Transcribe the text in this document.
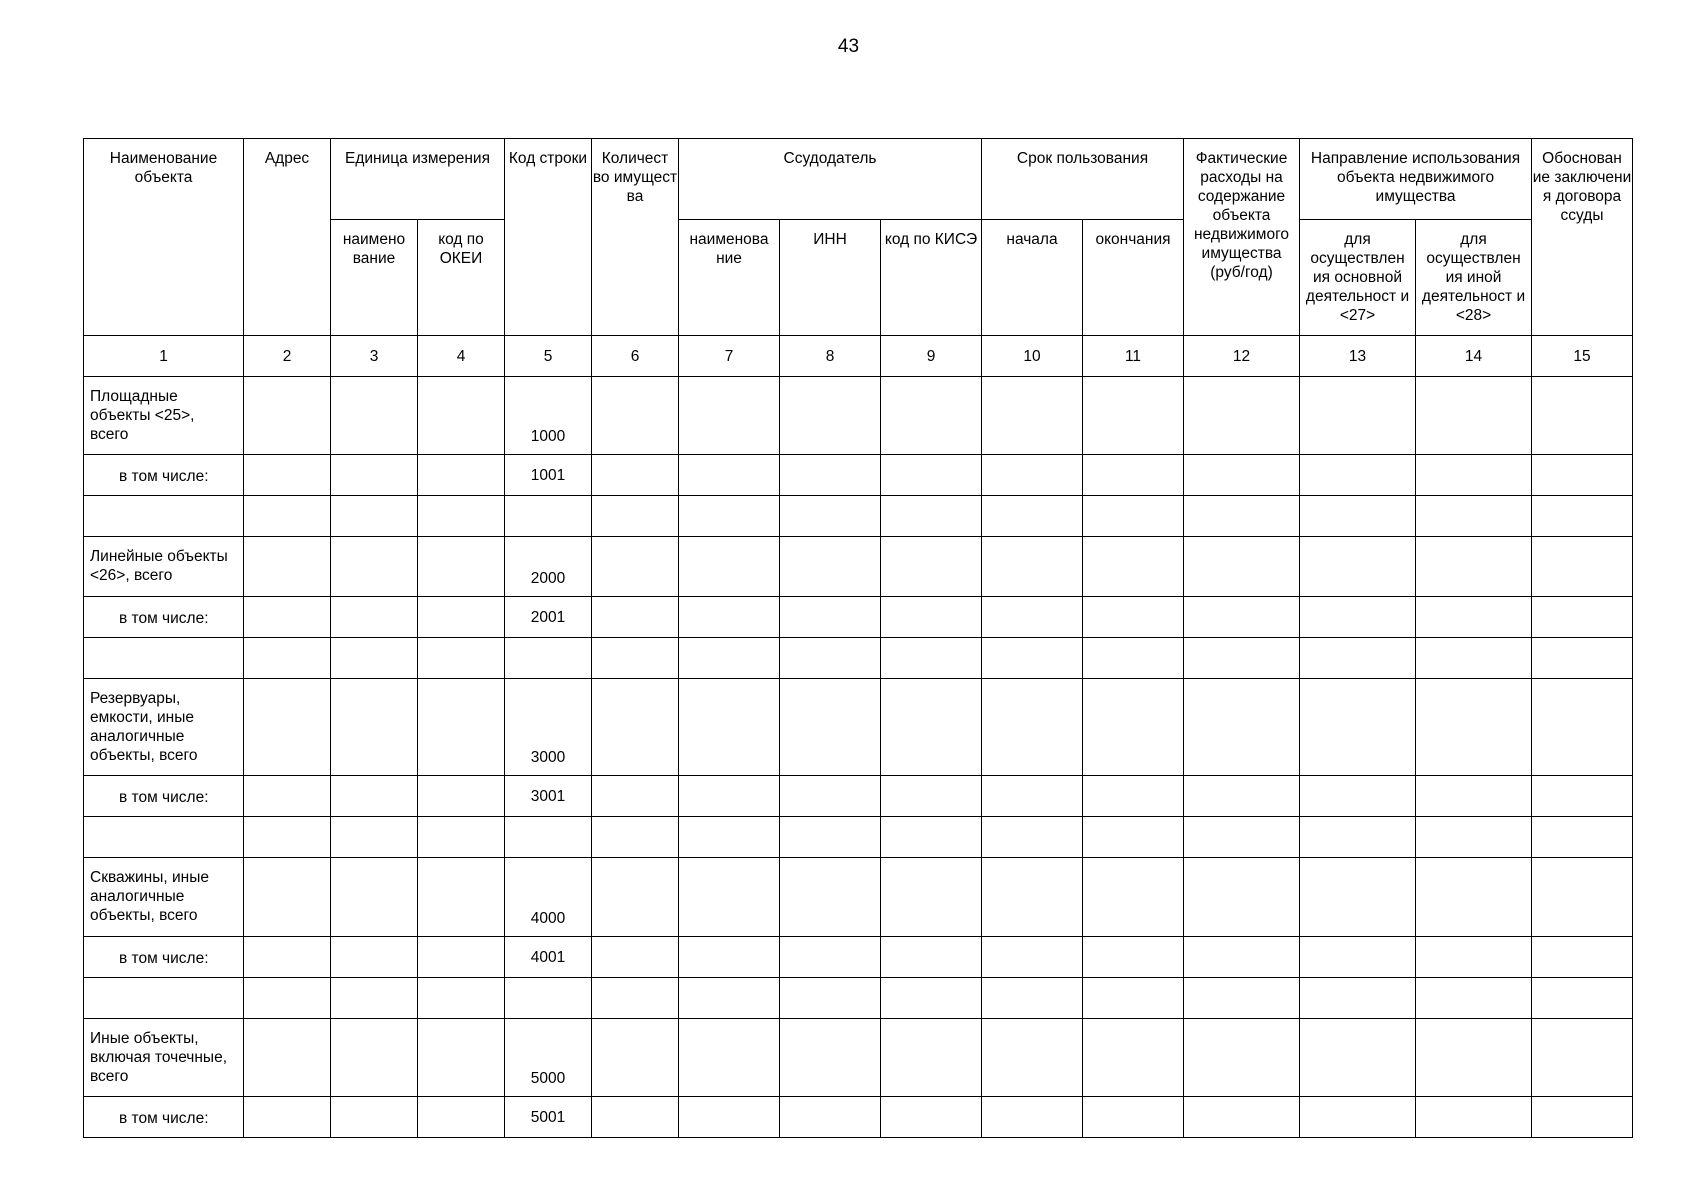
43
Наименование объекта	Адрес	Единица измерения		Код строки	Количест во имущест ва	Ссудодатель			Срок пользования		Фактические расходы на содержание объекта недвижимого имущества (руб/год)	Направление использования объекта недвижимого имущества		Обоснован ие заключени я договора ссуды
		наимено вание	код по ОКЕИ			наименова ние	ИНН	код по КИСЭ	начала	окончания		для осуществлен ия основной деятельност и <27>	для осуществлен ия иной деятельност и <28>	
1	2	3	4	5	6	7	8	9	10	11	12	13	14	15
Площадные объекты <25>, всего				1000										
в том числе:				1001										

Линейные объекты <26>, всего				2000										
в том числе:				2001										

Резервуары, емкости, иные аналогичные объекты, всего				3000										
в том числе:				3001										

Скважины, иные аналогичные объекты, всего				4000										
в том числе:				4001										

Иные объекты, включая точечные, всего				5000										
в том числе:				5001										
